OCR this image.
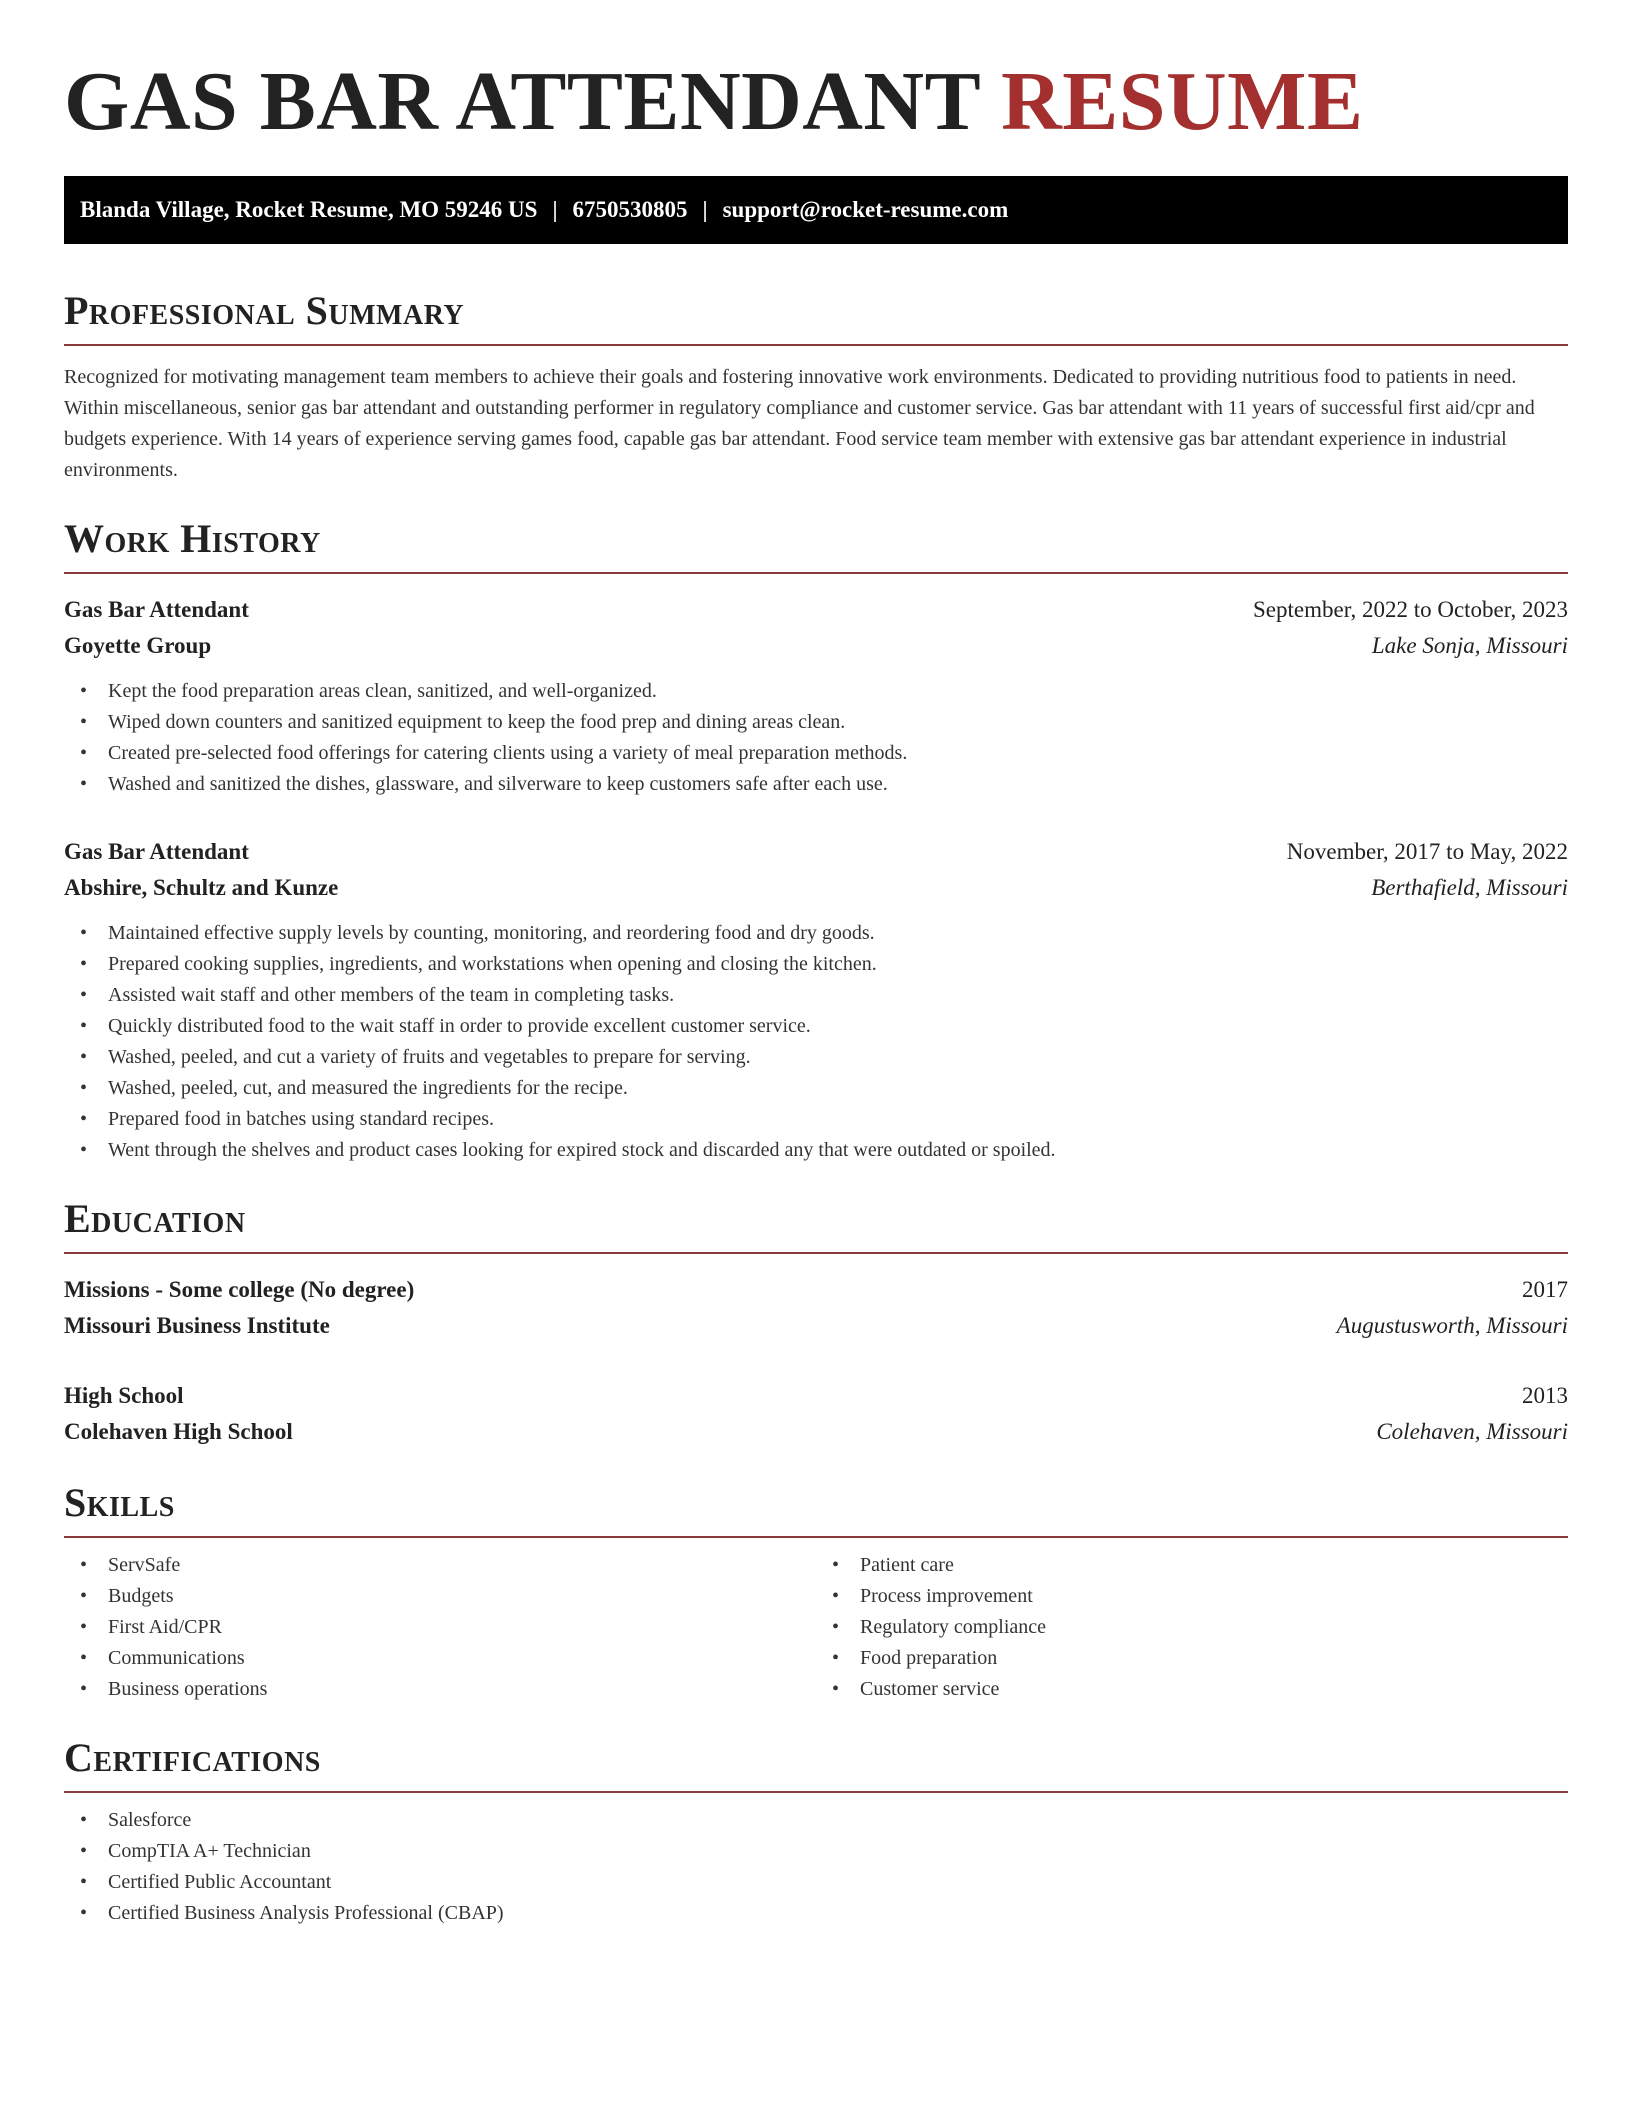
GAS BAR ATTENDANT RESUME
Blanda Village, Rocket Resume, MO 59246 US | 6750530805 | support@rocket-resume.com
Professional Summary

Recognized for motivating management team members to achieve their goals and fostering innovative work environments. Dedicated to providing nutritious food to patients in need. Within miscellaneous, senior gas bar attendant and outstanding performer in regulatory compliance and customer service. Gas bar attendant with 11 years of successful first aid/cpr and budgets experience. With 14 years of experience serving games food, capable gas bar attendant. Food service team member with extensive gas bar attendant experience in industrial environments.

Work History
Gas Bar Attendant	September, 2022 to October, 2023
Goyette Group	Lake Sonja, Missouri
• Kept the food preparation areas clean, sanitized, and well-organized.
• Wiped down counters and sanitized equipment to keep the food prep and dining areas clean.
• Created pre-selected food offerings for catering clients using a variety of meal preparation methods.
• Washed and sanitized the dishes, glassware, and silverware to keep customers safe after each use.
Gas Bar Attendant	November, 2017 to May, 2022
Abshire, Schultz and Kunze	Berthafield, Missouri
• Maintained effective supply levels by counting, monitoring, and reordering food and dry goods.
• Prepared cooking supplies, ingredients, and workstations when opening and closing the kitchen.
• Assisted wait staff and other members of the team in completing tasks.
• Quickly distributed food to the wait staff in order to provide excellent customer service.
• Washed, peeled, and cut a variety of fruits and vegetables to prepare for serving.
• Washed, peeled, cut, and measured the ingredients for the recipe.
• Prepared food in batches using standard recipes.
• Went through the shelves and product cases looking for expired stock and discarded any that were outdated or spoiled.
Education
Missions - Some college (No degree)	2017
Missouri Business Institute	Augustusworth, Missouri
High School	2013
Colehaven High School	Colehaven, Missouri
Skills
• ServSafe
• Budgets
• First Aid/CPR
• Communications
• Business operations
• Patient care
• Process improvement
• Regulatory compliance
• Food preparation
• Customer service
Certifications
• Salesforce
• CompTIA A+ Technician
• Certified Public Accountant
• Certified Business Analysis Professional (CBAP)
